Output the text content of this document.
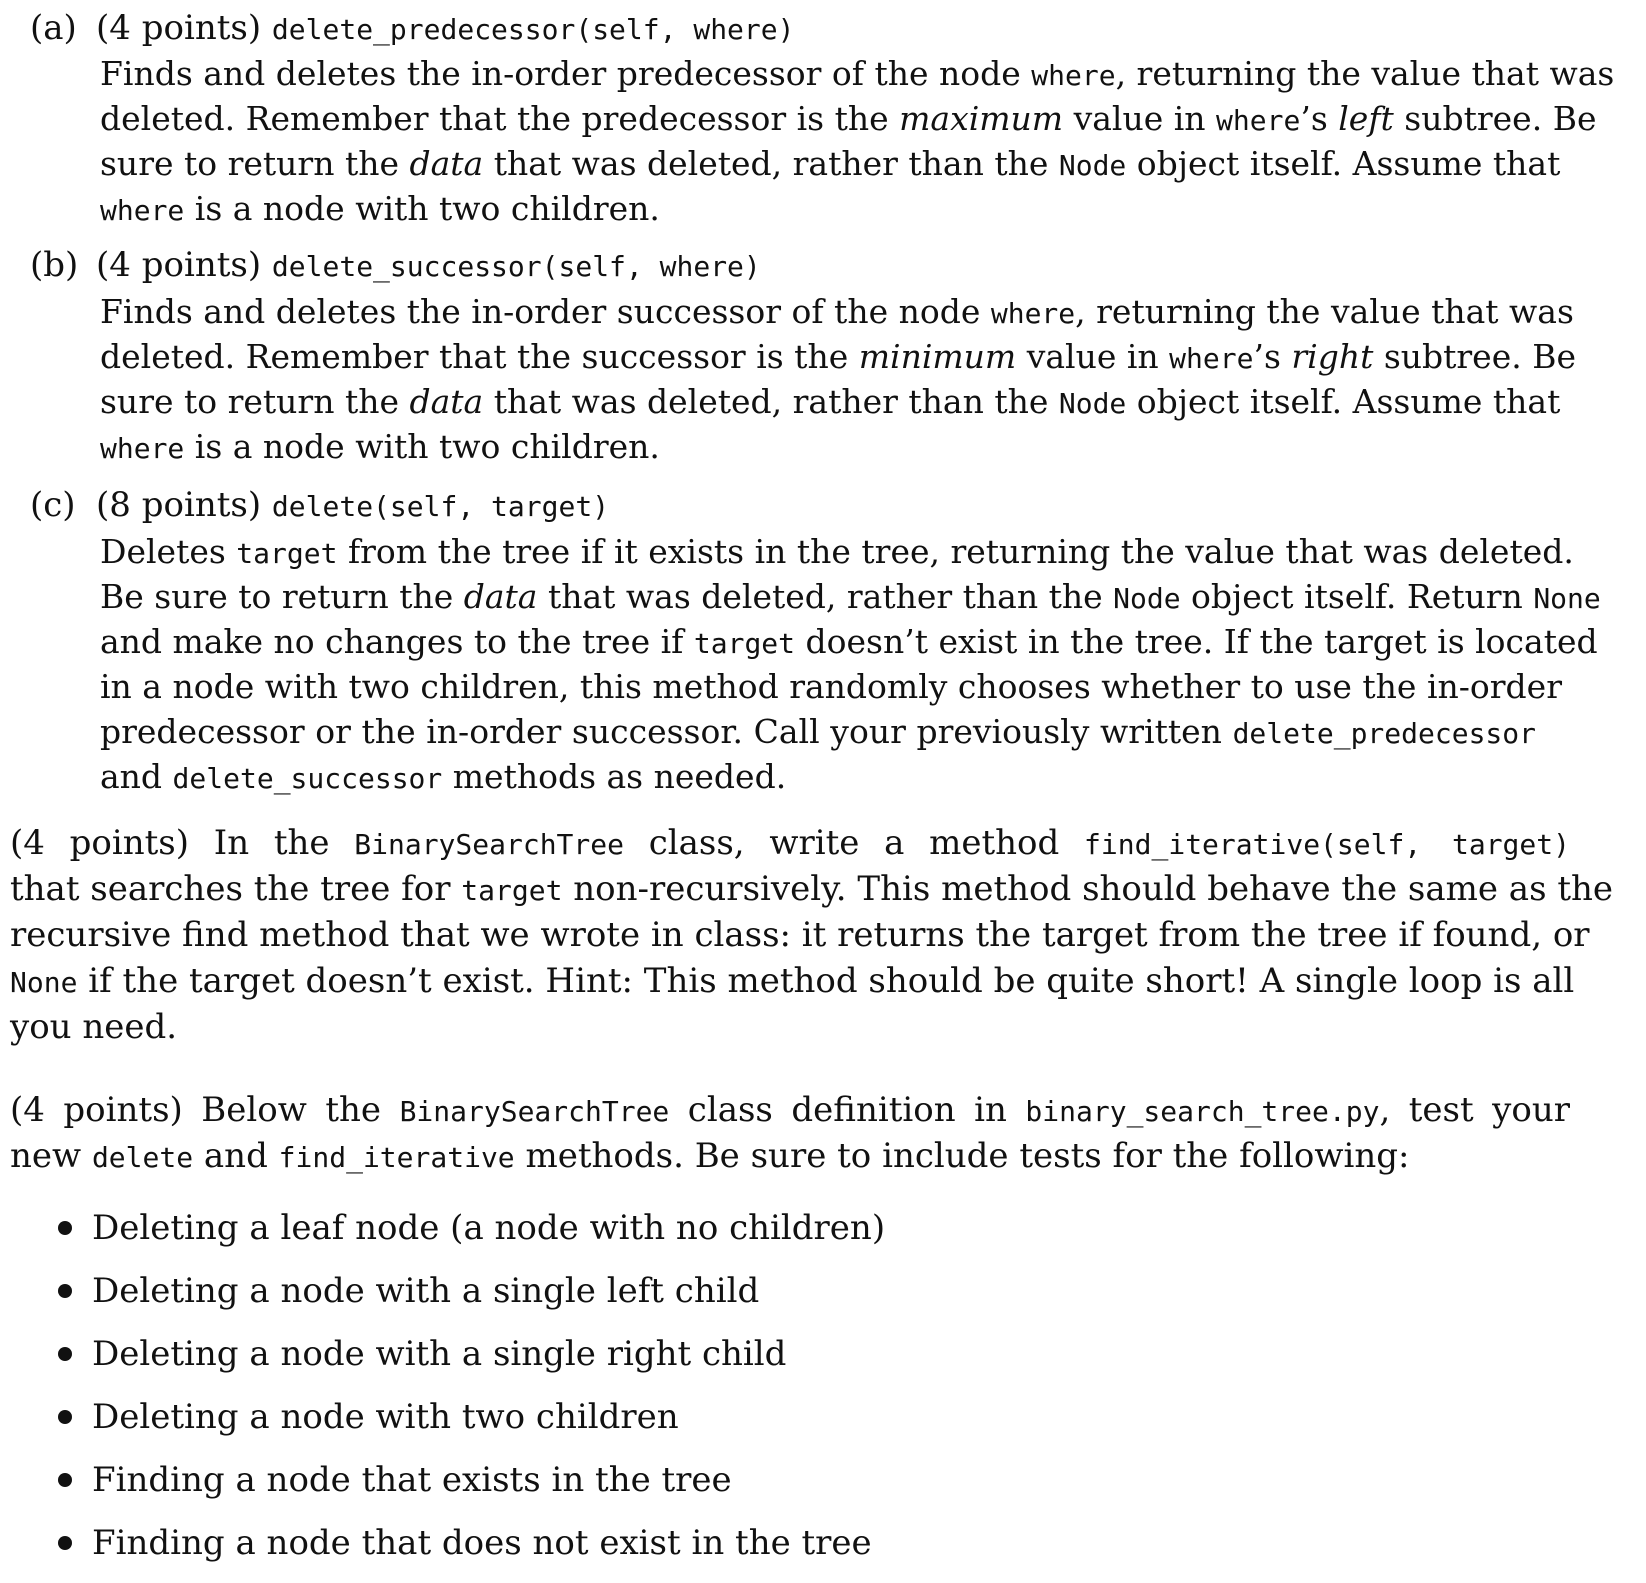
(a) (4 points) delete_predecessor(self, where)
Finds and deletes the in-order predecessor of the node where, returning the value that was
deleted. Remember that the predecessor is the maximum value in where’s left subtree. Be
sure to return the data that was deleted, rather than the Node object itself. Assume that
where is a node with two children.
(b) (4 points) delete_successor(self, where)
Finds and deletes the in-order successor of the node where, returning the value that was
deleted. Remember that the successor is the minimum value in where’s right subtree. Be
sure to return the data that was deleted, rather than the Node object itself. Assume that
where is a node with two children.
(c) (8 points) delete(self, target)
Deletes target from the tree if it exists in the tree, returning the value that was deleted.
Be sure to return the data that was deleted, rather than the Node object itself. Return None
and make no changes to the tree if target doesn’t exist in the tree. If the target is located
in a node with two children, this method randomly chooses whether to use the in-order
predecessor or the in-order successor. Call your previously written delete_predecessor
and delete_successor methods as needed.
(4 points) In the BinarySearchTree class, write a method find_iterative(self, target)
that searches the tree for target non-recursively. This method should behave the same as the
recursive find method that we wrote in class: it returns the target from the tree if found, or
None if the target doesn’t exist. Hint: This method should be quite short! A single loop is all
you need.
(4 points) Below the BinarySearchTree class definition in binary_search_tree.py, test your
new delete and find_iterative methods. Be sure to include tests for the following:
Deleting a leaf node (a node with no children)
Deleting a node with a single left child
Deleting a node with a single right child
Deleting a node with two children
Finding a node that exists in the tree
Finding a node that does not exist in the tree
